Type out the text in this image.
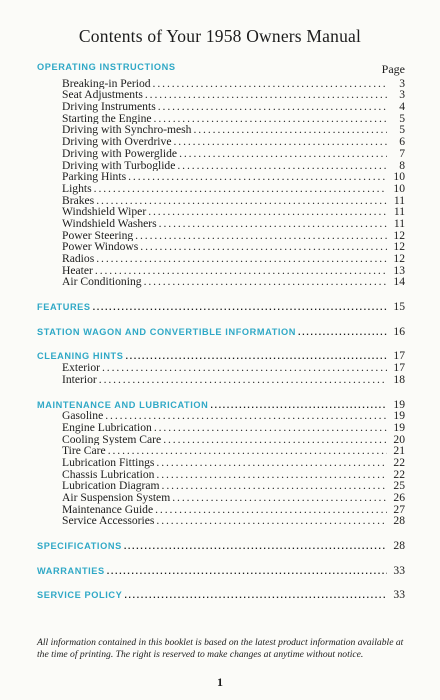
Contents of Your 1958 Owners Manual
Page
OPERATING INSTRUCTIONS
Breaking-in Period . . .	3
Seat Adjustments . . .	3
Driving Instruments . . .	4
Starting the Engine . . .	5
Driving with Synchro-mesh . . .	5
Driving with Overdrive . . .	6
Driving with Powerglide . . .	7
Driving with Turboglide . . .	8
Parking Hints . . .	10
Lights . . .	10
Brakes . . .	11
Windshield Wiper . . .	11
Windshield Washers . . .	11
Power Steering . . .	12
Power Windows . . .	12
Radios . . .	12
Heater . . .	13
Air Conditioning . . .	14
FEATURES . . .	15
STATION WAGON AND CONVERTIBLE INFORMATION . . .	16
CLEANING HINTS . . .	17
Exterior . . .	17
Interior . . .	18
MAINTENANCE AND LUBRICATION . . .	19
Gasoline . . .	19
Engine Lubrication . . .	19
Cooling System Care . . .	20
Tire Care . . .	21
Lubrication Fittings . . .	22
Chassis Lubrication . . .	22
Lubrication Diagram . . .	25
Air Suspension System . . .	26
Maintenance Guide . . .	27
Service Accessories . . .	28
SPECIFICATIONS . . .	28
WARRANTIES . . .	33
SERVICE POLICY . . .	33
All information contained in this booklet is based on the latest product information available at the time of printing. The right is reserved to make changes at anytime without notice.
1
